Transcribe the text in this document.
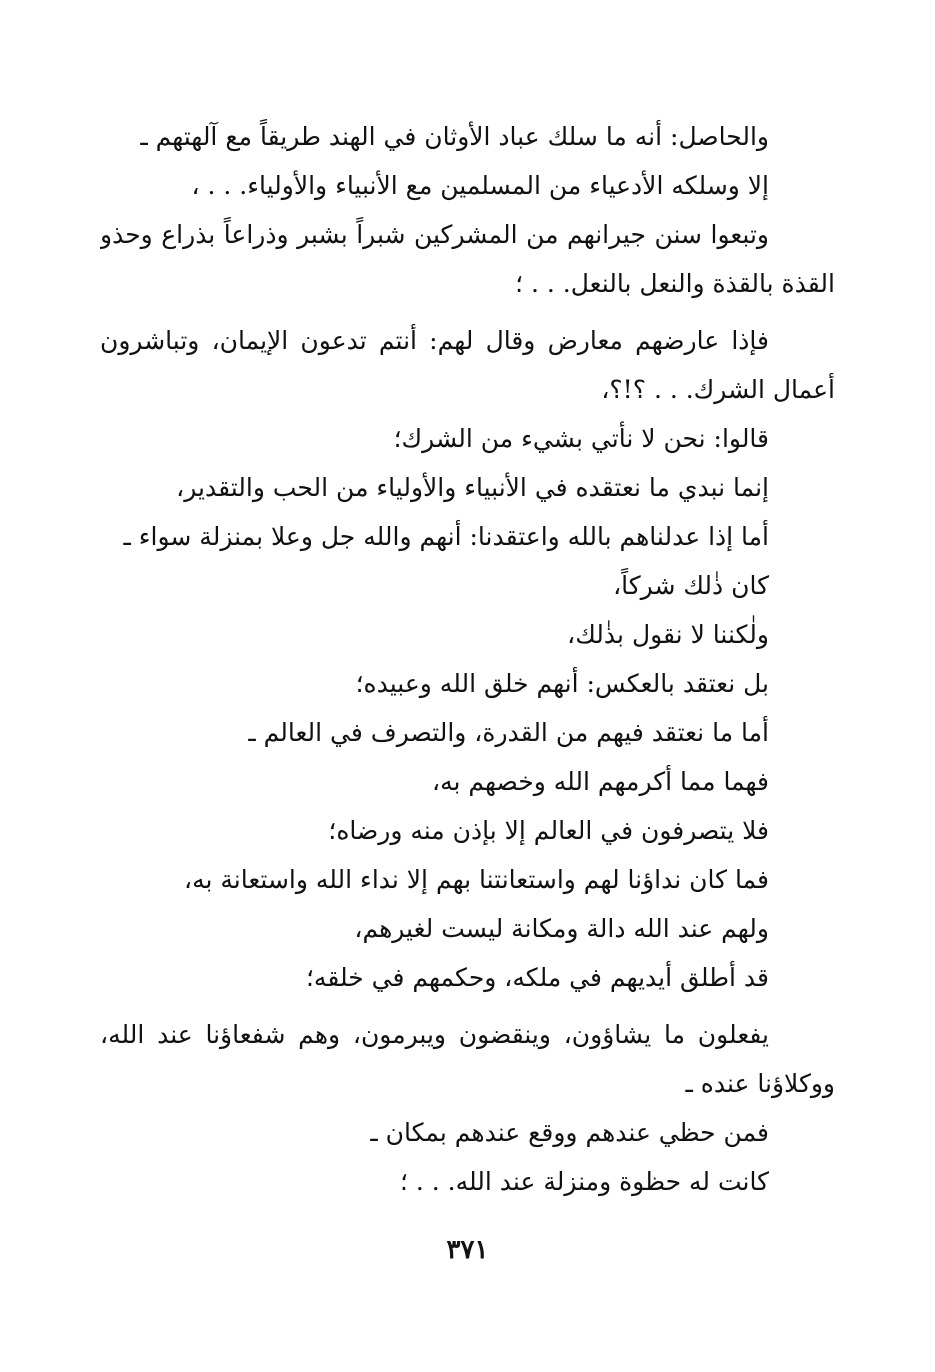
والحاصل: أنه ما سلك عباد الأوثان في الهند طريقاً مع آلهتهم ـ
إلا وسلكه الأدعياء من المسلمين مع الأنبياء والأولياء. . . ،
وتبعوا سنن جيرانهم من المشركين شبراً بشبر وذراعاً بذراع وحذو
القذة بالقذة والنعل بالنعل. . . ؛
فإذا عارضهم معارض وقال لهم: أنتم تدعون الإيمان، وتباشرون
أعمال الشرك. . . ؟!؟،
قالوا: نحن لا نأتي بشيء من الشرك؛
إنما نبدي ما نعتقده في الأنبياء والأولياء من الحب والتقدير،
أما إذا عدلناهم بالله واعتقدنا: أنهم والله جل وعلا بمنزلة سواء ـ
كان ذٰلك شركاً،
ولٰكننا لا نقول بذٰلك،
بل نعتقد بالعكس: أنهم خلق الله وعبيده؛
أما ما نعتقد فيهم من القدرة، والتصرف في العالم ـ
فهما مما أكرمهم الله وخصهم به،
فلا يتصرفون في العالم إلا بإذن منه ورضاه؛
فما كان نداؤنا لهم واستعانتنا بهم إلا نداء الله واستعانة به،
ولهم عند الله دالة ومكانة ليست لغيرهم،
قد أطلق أيديهم في ملكه، وحكمهم في خلقه؛
يفعلون ما يشاؤون، وينقضون ويبرمون، وهم شفعاؤنا عند الله،
ووكلاؤنا عنده ـ
فمن حظي عندهم ووقع عندهم بمكان ـ
كانت له حظوة ومنزلة عند الله. . . ؛
٣٧١
